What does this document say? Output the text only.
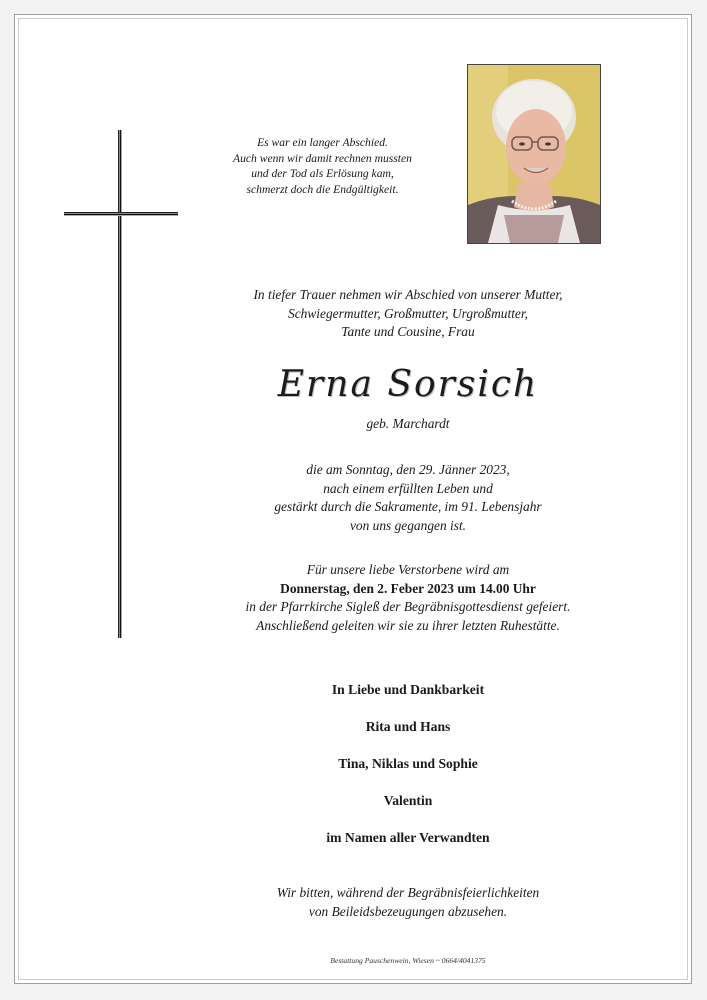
Es war ein langer Abschied.
Auch wenn wir damit rechnen mussten
und der Tod als Erlösung kam,
schmerzt doch die Endgültigkeit.
In tiefer Trauer nehmen wir Abschied von unserer Mutter,
Schwiegermutter, Großmutter, Urgroßmutter,
Tante und Cousine, Frau
Erna Sorsich
geb. Marchardt
die am Sonntag, den 29. Jänner 2023,
nach einem erfüllten Leben und
gestärkt durch die Sakramente, im 91. Lebensjahr
von uns gegangen ist.
Für unsere liebe Verstorbene wird am
Donnerstag, den 2. Feber 2023 um 14.00 Uhr
in der Pfarrkirche Sigleß der Begräbnisgottesdienst gefeiert.
Anschließend geleiten wir sie zu ihrer letzten Ruhestätte.
In Liebe und Dankbarkeit
Rita und Hans
Tina, Niklas und Sophie
Valentin
im Namen aller Verwandten
Wir bitten, während der Begräbnisfeierlichkeiten
von Beileidsbezeugungen abzusehen.
Bestattung Pauschenwein, Wiesen ~ 0664/4041375
